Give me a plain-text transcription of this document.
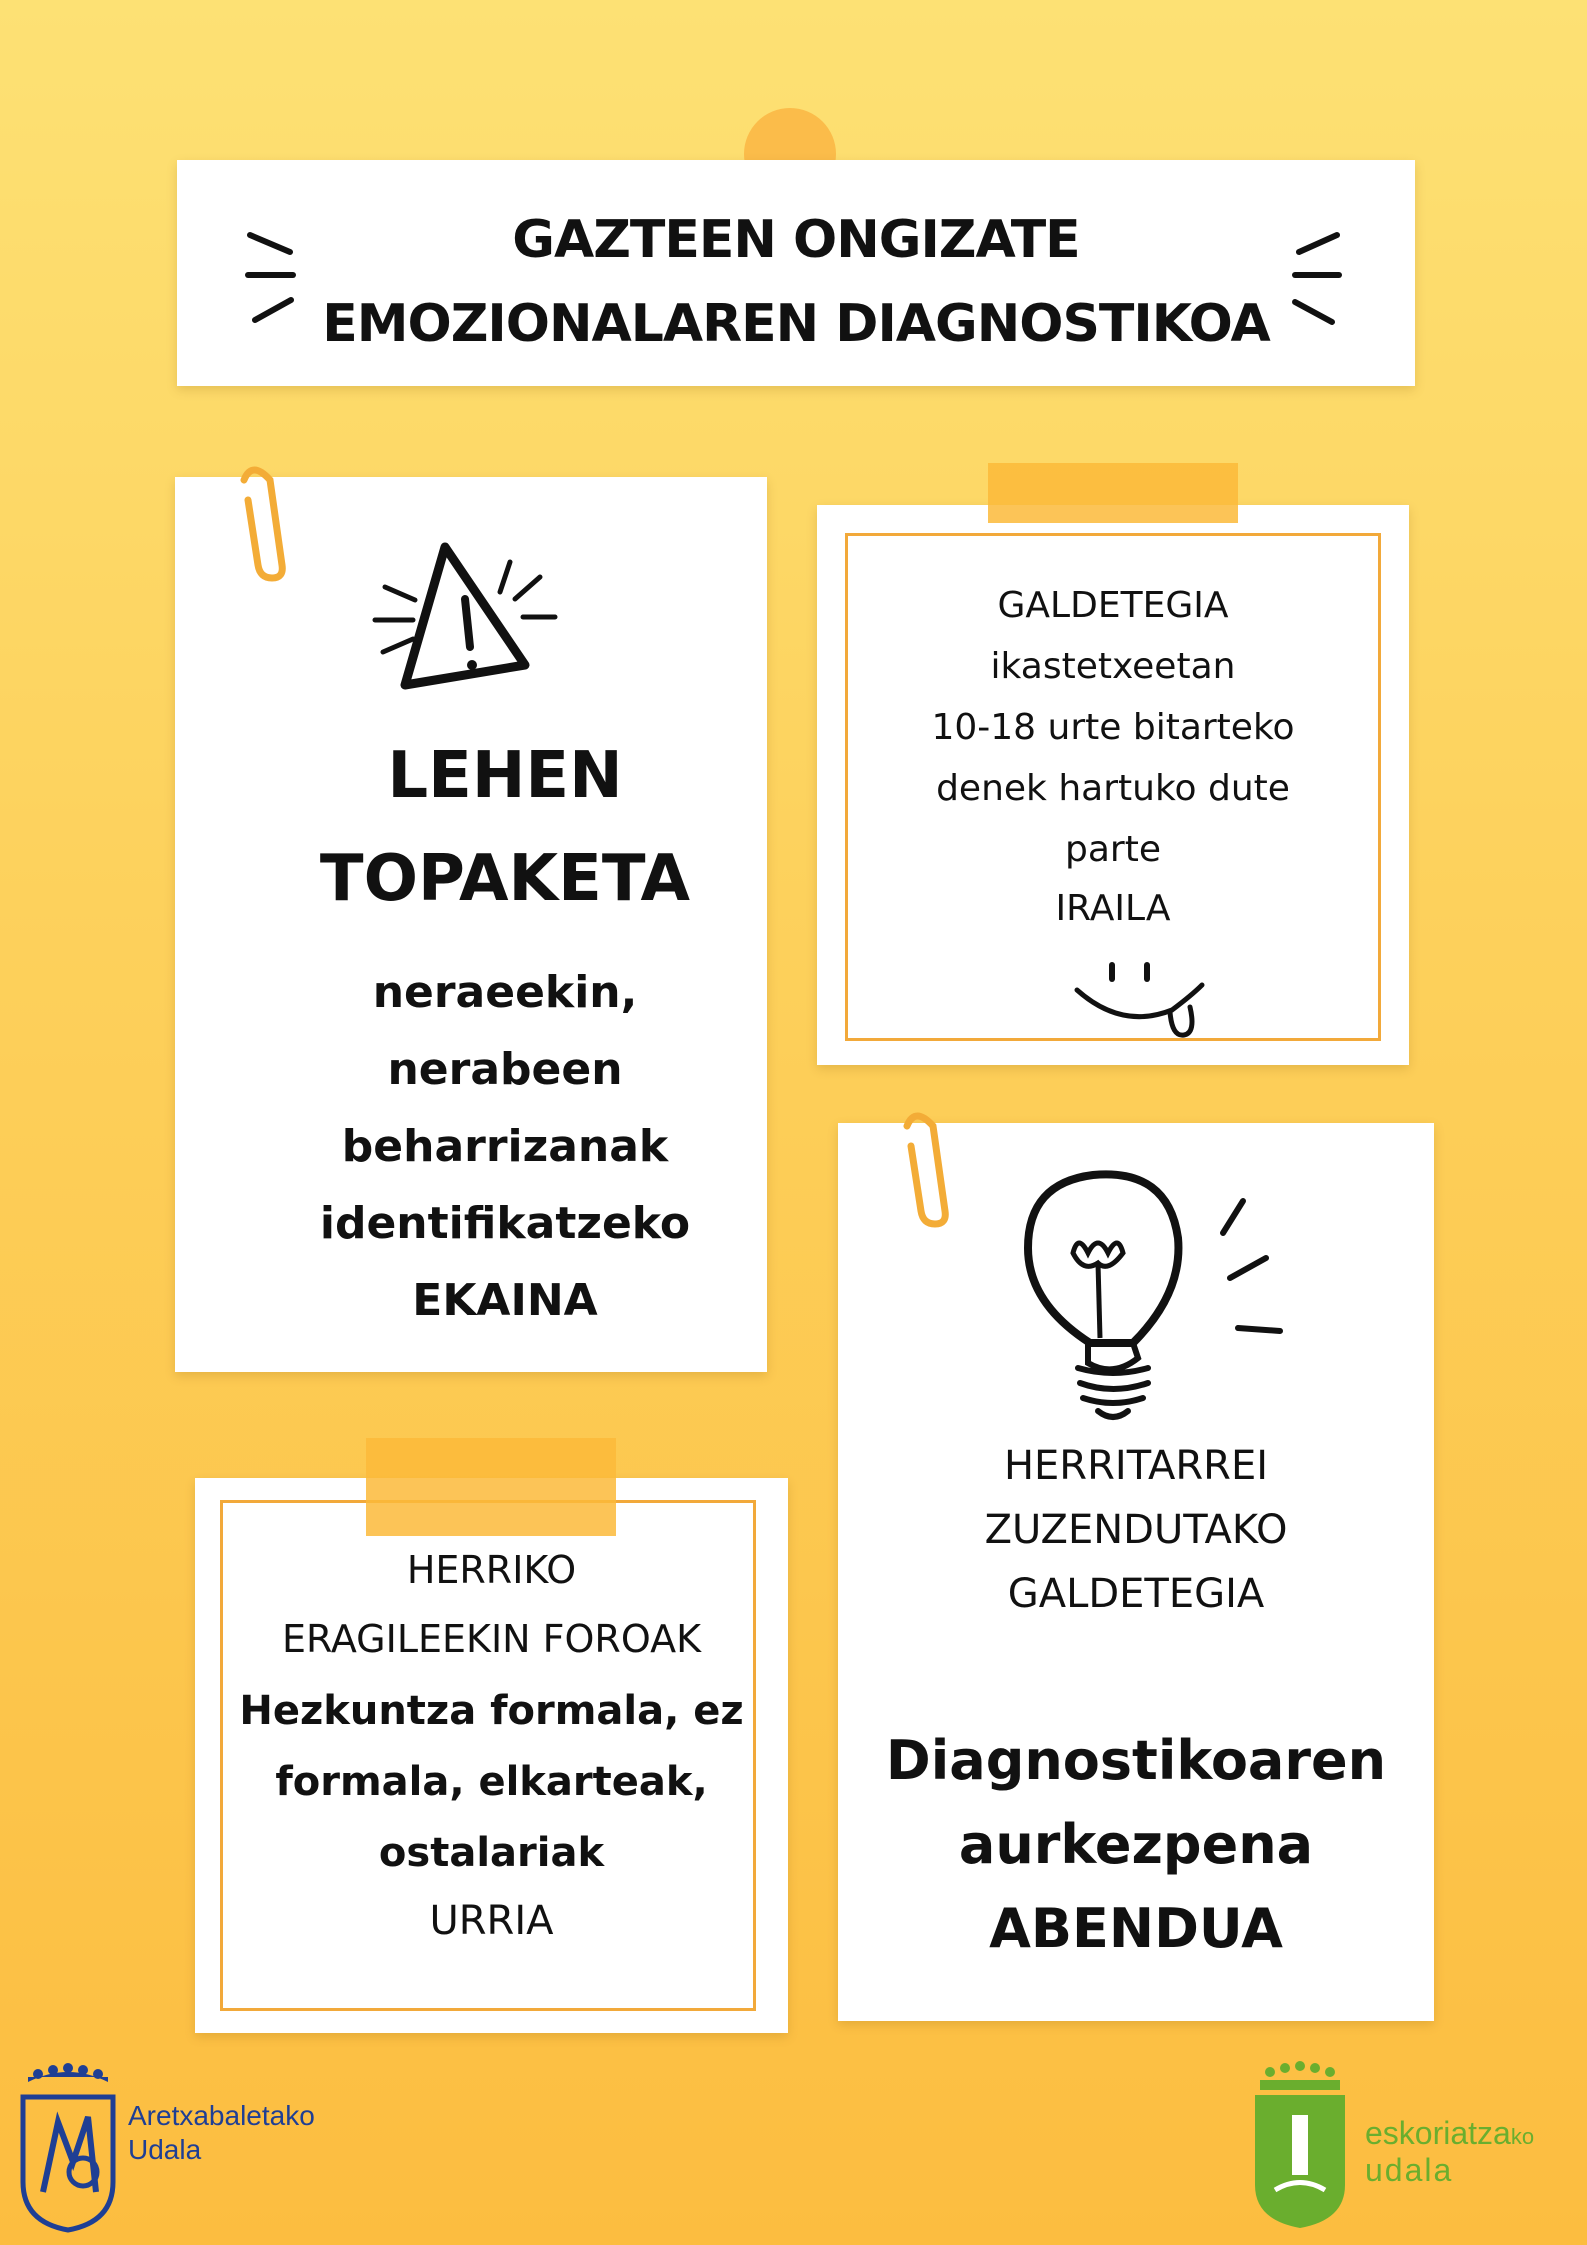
GAZTEEN ONGIZATE
EMOZIONALAREN DIAGNOSTIKOA
LEHEN
TOPAKETA
neraeekin,
nerabeen
beharrizanak
identifikatzeko
EKAINA
GALDETEGIA
ikastetxeetan
10-18 urte bitarteko
denek hartuko dute
parte
IRAILA
HERRITARREI
ZUZENDUTAKO
GALDETEGIA
Diagnostikoaren
aurkezpena
ABENDUA
HERRIKO
ERAGILEEKIN FOROAK
Hezkuntza formala, ez
formala, elkarteak,
ostalariak
URRIA
Aretxabaletako
Udala	eskoriatzako
udala
